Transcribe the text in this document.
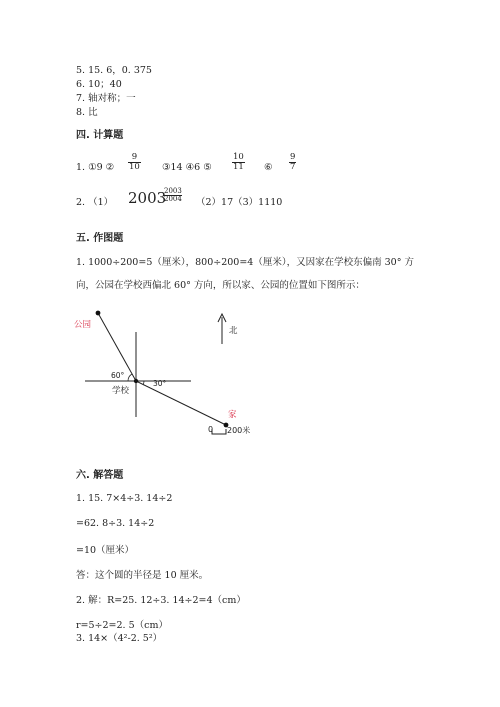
5. 15. 6，0. 375
6. 10；40
7. 轴对称；一
8. 比
四. 计算题
1. ①9 ② $\frac{9}{10}$ ③14 ④6 ⑤ $\frac{10}{11}$ ⑥ $\frac{9}{7}$
2. （1） 2003
$\frac{2003}{2004} (2)17(3)1110$
五. 作图题
1. 1000÷200=5（厘米），800÷200=4（厘米），又因家在学校东偏南 30° 方
向，公园在学校西偏北 60° 方向，所以家、公园的位置如下图所示：
公园
北
60°
30°
学校
家
0 200米
六. 解答题
1. 15. 7×4÷3. 14÷2
=62. 8÷3. 14÷2
=10（厘米）
答：这个圆的半径是 10 厘米。
2. 解：R=25. 12÷3. 14÷2=4（cm）
r=5÷2=2. 5（cm）
3. 14×（4²-2. 5²）
